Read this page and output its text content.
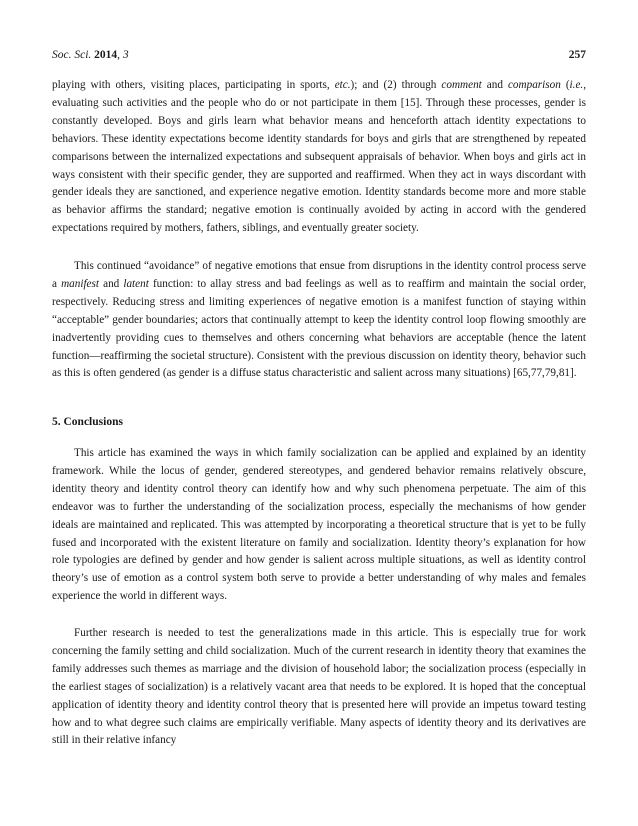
Soc. Sci. 2014, 3	257

playing with others, visiting places, participating in sports, etc.); and (2) through comment and comparison (i.e., evaluating such activities and the people who do or not participate in them [15]. Through these processes, gender is constantly developed. Boys and girls learn what behavior means and henceforth attach identity expectations to behaviors. These identity expectations become identity standards for boys and girls that are strengthened by repeated comparisons between the internalized expectations and subsequent appraisals of behavior. When boys and girls act in ways consistent with their specific gender, they are supported and reaffirmed. When they act in ways discordant with gender ideals they are sanctioned, and experience negative emotion. Identity standards become more and more stable as behavior affirms the standard; negative emotion is continually avoided by acting in accord with the gendered expectations required by mothers, fathers, siblings, and eventually greater society.

This continued “avoidance” of negative emotions that ensue from disruptions in the identity control process serve a manifest and latent function: to allay stress and bad feelings as well as to reaffirm and maintain the social order, respectively. Reducing stress and limiting experiences of negative emotion is a manifest function of staying within “acceptable” gender boundaries; actors that continually attempt to keep the identity control loop flowing smoothly are inadvertently providing cues to themselves and others concerning what behaviors are acceptable (hence the latent function—reaffirming the societal structure). Consistent with the previous discussion on identity theory, behavior such as this is often gendered (as gender is a diffuse status characteristic and salient across many situations) [65,77,79,81].

5. Conclusions

This article has examined the ways in which family socialization can be applied and explained by an identity framework. While the locus of gender, gendered stereotypes, and gendered behavior remains relatively obscure, identity theory and identity control theory can identify how and why such phenomena perpetuate. The aim of this endeavor was to further the understanding of the socialization process, especially the mechanisms of how gender ideals are maintained and replicated. This was attempted by incorporating a theoretical structure that is yet to be fully fused and incorporated with the existent literature on family and socialization. Identity theory’s explanation for how role typologies are defined by gender and how gender is salient across multiple situations, as well as identity control theory’s use of emotion as a control system both serve to provide a better understanding of why males and females experience the world in different ways.

Further research is needed to test the generalizations made in this article. This is especially true for work concerning the family setting and child socialization. Much of the current research in identity theory that examines the family addresses such themes as marriage and the division of household labor; the socialization process (especially in the earliest stages of socialization) is a relatively vacant area that needs to be explored. It is hoped that the conceptual application of identity theory and identity control theory that is presented here will provide an impetus toward testing how and to what degree such claims are empirically verifiable. Many aspects of identity theory and its derivatives are still in their relative infancy
